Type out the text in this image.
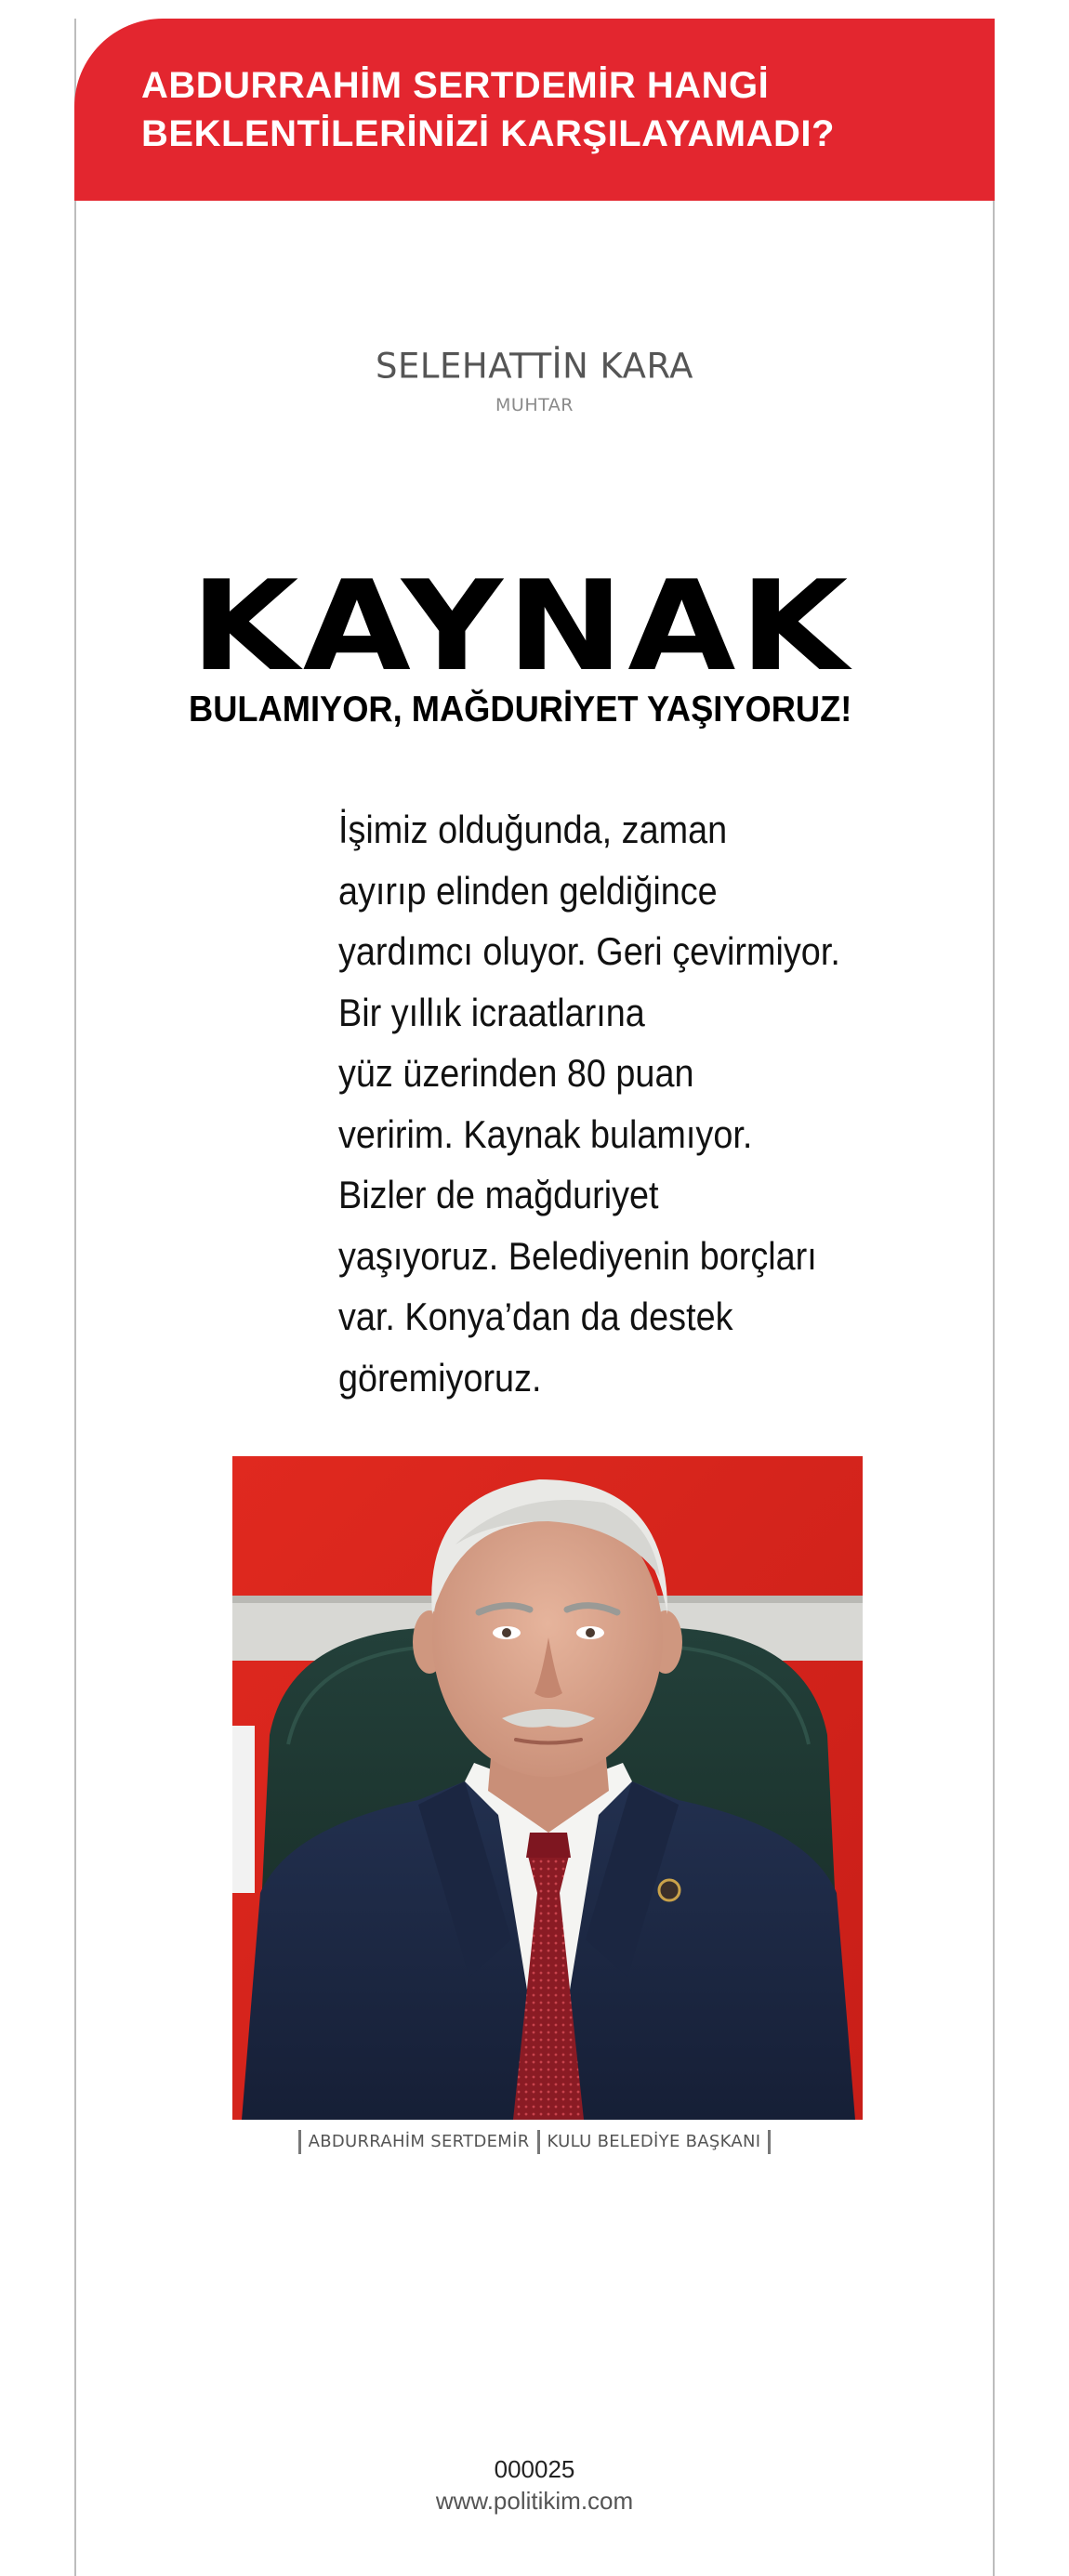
ABDURRAHİM SERTDEMİR HANGİ
BEKLENTİLERİNİZİ KARŞILAYAMADI?
SELEHATTİN KARA
MUHTAR
KAYNAK
BULAMIYOR, MAĞDURİYET YAŞIYORUZ!
İşimiz olduğunda, zaman
ayırıp elinden geldiğince
yardımcı oluyor. Geri çevirmiyor.
Bir yıllık icraatlarına
yüz üzerinden 80 puan
veririm. Kaynak bulamıyor.
Bizler de mağduriyet
yaşıyoruz. Belediyenin borçları
var. Konya’dan da destek
göremiyoruz.
ABDURRAHİM SERTDEMİR KULU BELEDİYE BAŞKANI
000025
www.politikim.com
